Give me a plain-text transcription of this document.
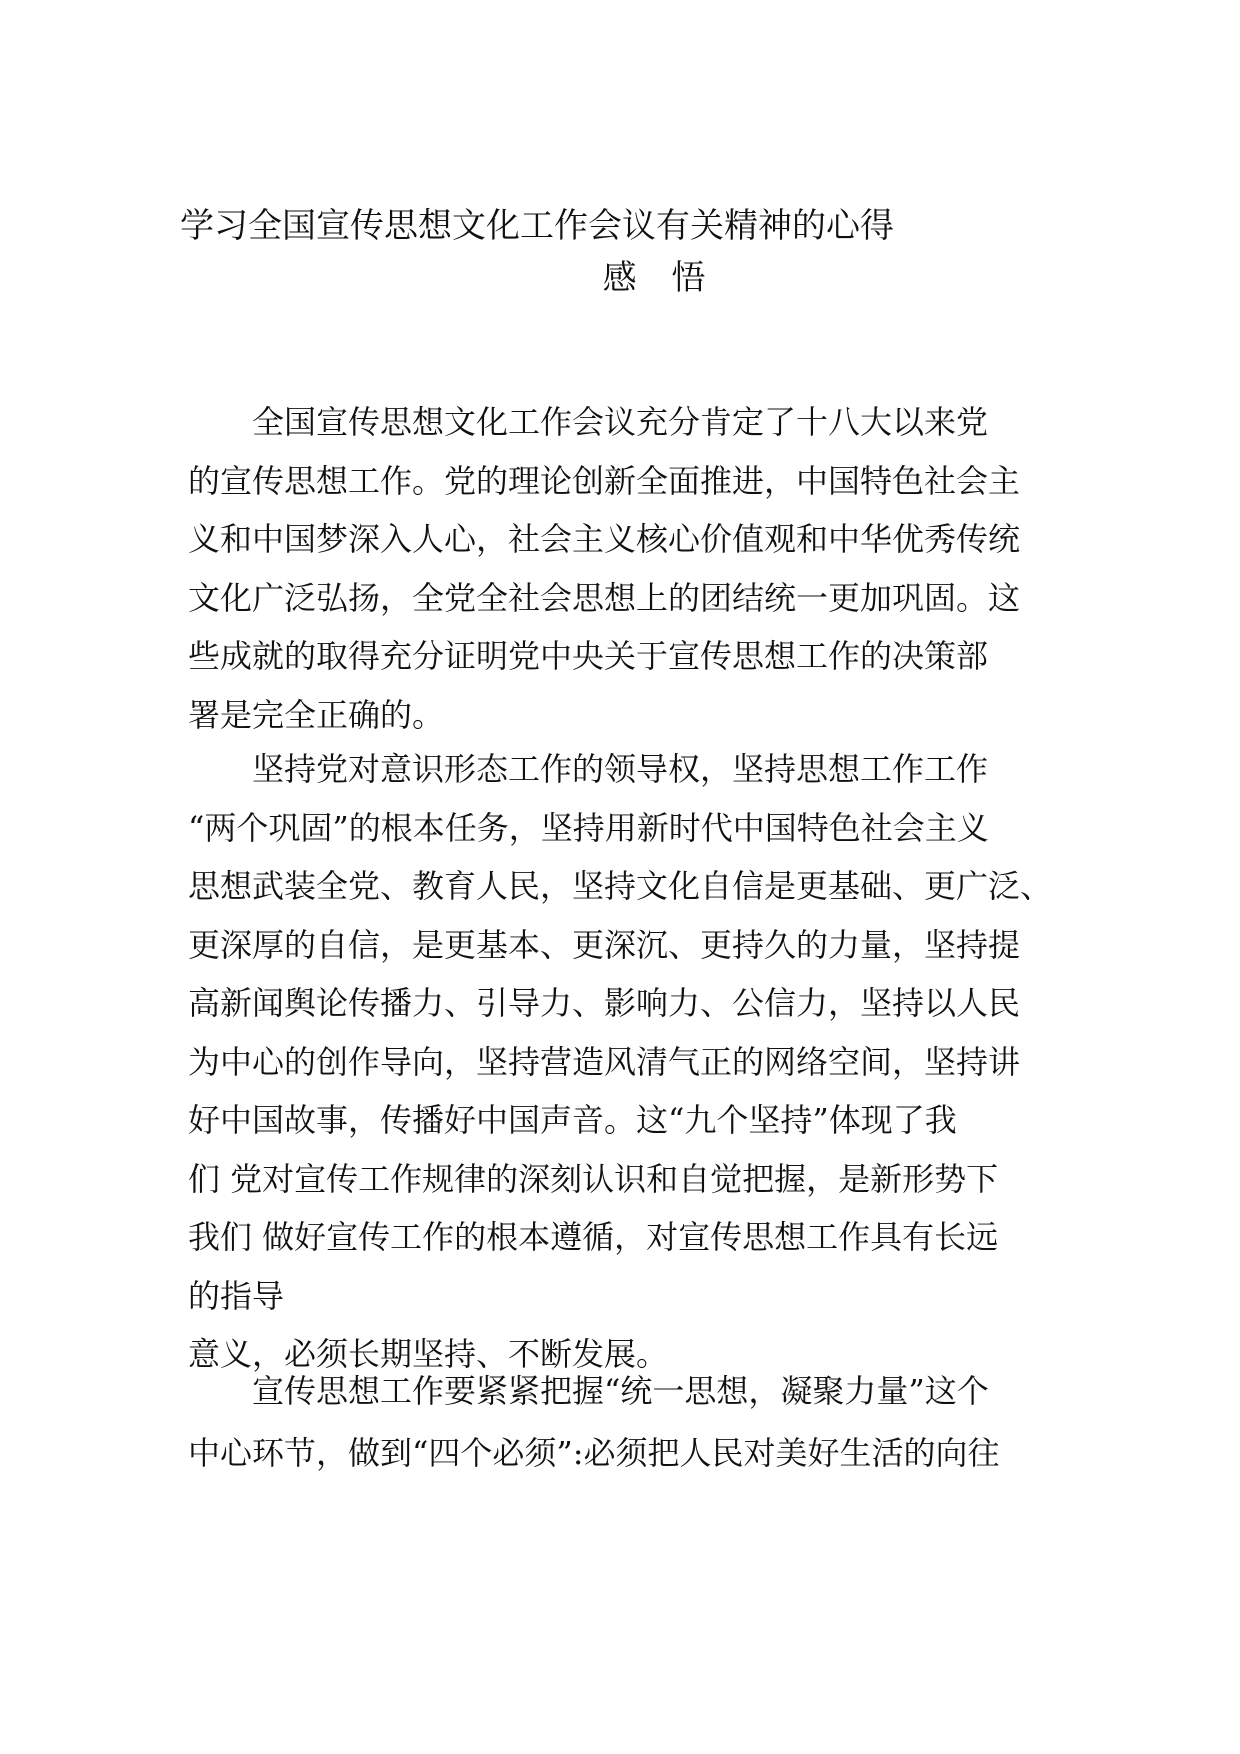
学习全国宣传思想文化工作会议有关精神的心得
感 悟
全国宣传思想文化工作会议充分肯定了十八大以来党
的宣传思想工作。党的理论创新全面推进，中国特色社会主
义和中国梦深入人心，社会主义核心价值观和中华优秀传统
文化广泛弘扬，全党全社会思想上的团结统一更加巩固。这
些成就的取得充分证明党中央关于宣传思想工作的决策部
署是完全正确的。
坚持党对意识形态工作的领导权，坚持思想工作工作
“两个巩固”的根本任务，坚持用新时代中国特色社会主义
思想武装全党、教育人民，坚持文化自信是更基础、更广泛、
更深厚的自信，是更基本、更深沉、更持久的力量，坚持提
高新闻舆论传播力、引导力、影响力、公信力，坚持以人民
为中心的创作导向，坚持营造风清气正的网络空间，坚持讲
好中国故事，传播好中国声音。这“九个坚持”体现了我
们 党对宣传工作规律的深刻认识和自觉把握，是新形势下
我们 做好宣传工作的根本遵循，对宣传思想工作具有长远
的指导
意义，必须长期坚持、不断发展。
宣传思想工作要紧紧把握“统一思想，凝聚力量”这个
中心环节，做到“四个必须”:必须把人民对美好生活的向往
